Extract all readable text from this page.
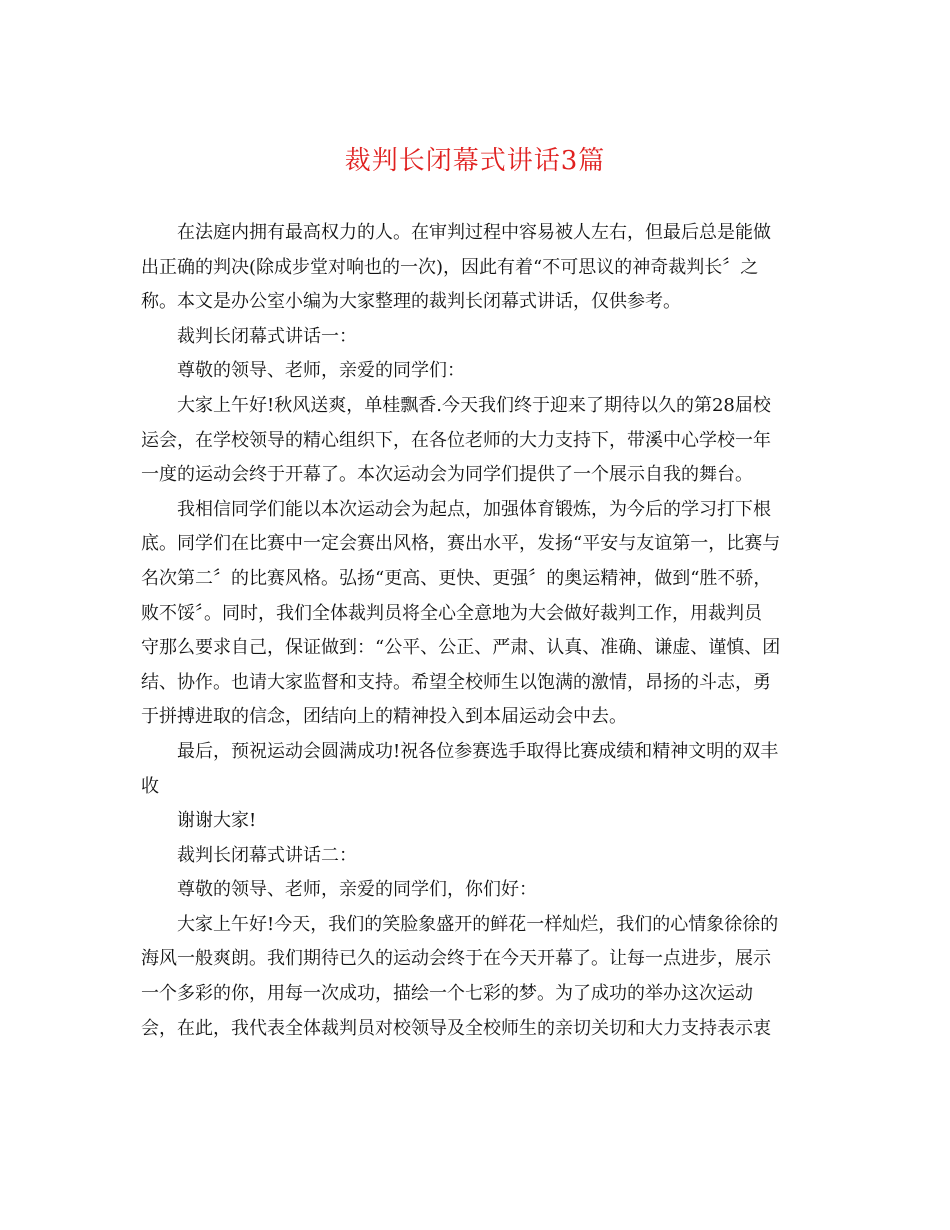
裁判长闭幕式讲话3篇

在法庭内拥有最高权力的人。在审判过程中容易被人左右，但最后总是能做

出正确的判决(除成步堂对响也的一次)，因此有着“不可思议的神奇裁判长〞之

称。本文是办公室小编为大家整理的裁判长闭幕式讲话，仅供参考。

裁判长闭幕式讲话一：

尊敬的领导、老师，亲爱的同学们：

大家上午好!秋风送爽，单桂飘香.今天我们终于迎来了期待以久的第28届校

运会，在学校领导的精心组织下，在各位老师的大力支持下，带溪中心学校一年

一度的运动会终于开幕了。本次运动会为同学们提供了一个展示自我的舞台。

我相信同学们能以本次运动会为起点，加强体育锻炼，为今后的学习打下根

底。同学们在比赛中一定会赛出风格，赛出水平，发扬“平安与友谊第一，比赛与

名次第二〞的比赛风格。弘扬“更高、更快、更强〞的奥运精神，做到“胜不骄，

败不馁〞。同时，我们全体裁判员将全心全意地为大会做好裁判工作，用裁判员

守那么要求自己，保证做到：“公平、公正、严肃、认真、准确、谦虚、谨慎、团

结、协作。也请大家监督和支持。希望全校师生以饱满的激情，昂扬的斗志，勇

于拼搏进取的信念，团结向上的精神投入到本届运动会中去。

最后，预祝运动会圆满成功!祝各位参赛选手取得比赛成绩和精神文明的双丰

收

谢谢大家!

裁判长闭幕式讲话二：

尊敬的领导、老师，亲爱的同学们，你们好：

大家上午好!今天，我们的笑脸象盛开的鲜花一样灿烂，我们的心情象徐徐的

海风一般爽朗。我们期待已久的运动会终于在今天开幕了。让每一点进步，展示

一个多彩的你，用每一次成功，描绘一个七彩的梦。为了成功的举办这次运动

会，在此，我代表全体裁判员对校领导及全校师生的亲切关切和大力支持表示衷
